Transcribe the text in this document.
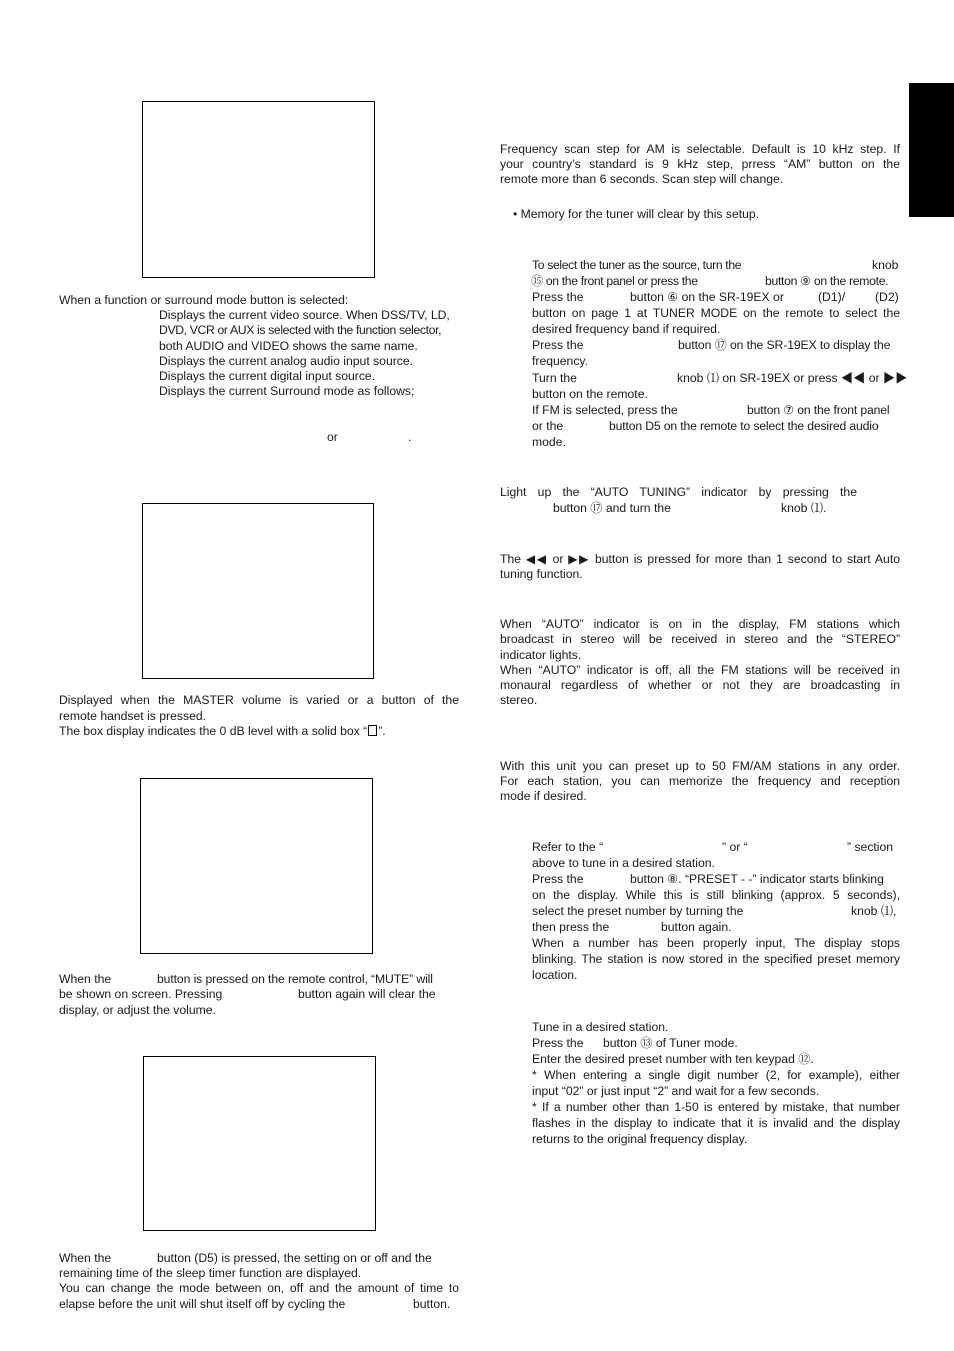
When a function or surround mode button is selected:

Displays the current video source. When DSS/TV, LD,

DVD, VCR or AUX is selected with the function selector,

both AUDIO and VIDEO shows the same name.

Displays the current analog audio input source.

Displays the current digital input source.

Displays the current Surround mode as follows;

or	.

Displayed when the MASTER volume is varied or a button of the

remote handset is pressed.

The box display indicates the 0 dB level with a solid box “ ”.

When the	button is pressed on the remote control, “MUTE” will

be shown on screen. Pressing	button again will clear the

display, or adjust the volume.

When the	button (D5) is pressed, the setting on or off and the

remaining time of the sleep timer function are displayed.

You can change the mode between on, off and the amount of time to

elapse before the unit will shut itself off by cycling the	button.

Frequency scan step for AM is selectable. Default is 10 kHz step. If

your country’s standard is 9 kHz step, prress “AM” button on the

remote more than 6 seconds. Scan step will change.

• Memory for the tuner will clear by this setup.

To select the tuner as the source, turn the	knob

⑮ on the front panel or press the	button ⑨ on the remote.

Press the	button ⑥ on the SR-19EX or	(D1)/ (D2)

button on page 1 at TUNER MODE on the remote to select the

desired frequency band if required.

Press the	button ⑰ on the SR-19EX to display the

frequency.

Turn the	knob ⑴ on SR-19EX or press ◀◀ or ▶▶

button on the remote.

If FM is selected, press the	button ⑦ on the front panel

or the	button D5 on the remote to select the desired audio

mode.

Light up the “AUTO TUNING” indicator by pressing the

button ⑰ and turn the	knob ⑴.

The ◀◀ or ▶▶ button is pressed for more than 1 second to start Auto

tuning function.

When “AUTO” indicator is on in the display, FM stations which

broadcast in stereo will be received in stereo and the “STEREO”

indicator lights.

When “AUTO” indicator is off, all the FM stations will be received in

monaural regardless of whether or not they are broadcasting in

stereo.

With this unit you can preset up to 50 FM/AM stations in any order.

For each station, you can memorize the frequency and reception

mode if desired.

Refer to the “	” or “	” section

above to tune in a desired station.

Press the	button ⑧. “PRESET - -” indicator starts blinking

on the display. While this is still blinking (approx. 5 seconds),

select the preset number by turning the	knob ⑴,

then press the	button again.

When a number has been properly input, The display stops

blinking. The station is now stored in the specified preset memory

location.

Tune in a desired station.

Press the button ⑬ of Tuner mode.

Enter the desired preset number with ten keypad ⑫.

* When entering a single digit number (2, for example), either

input “02” or just input “2” and wait for a few seconds.

* If a number other than 1-50 is entered by mistake, that number

flashes in the display to indicate that it is invalid and the display

returns to the original frequency display.
